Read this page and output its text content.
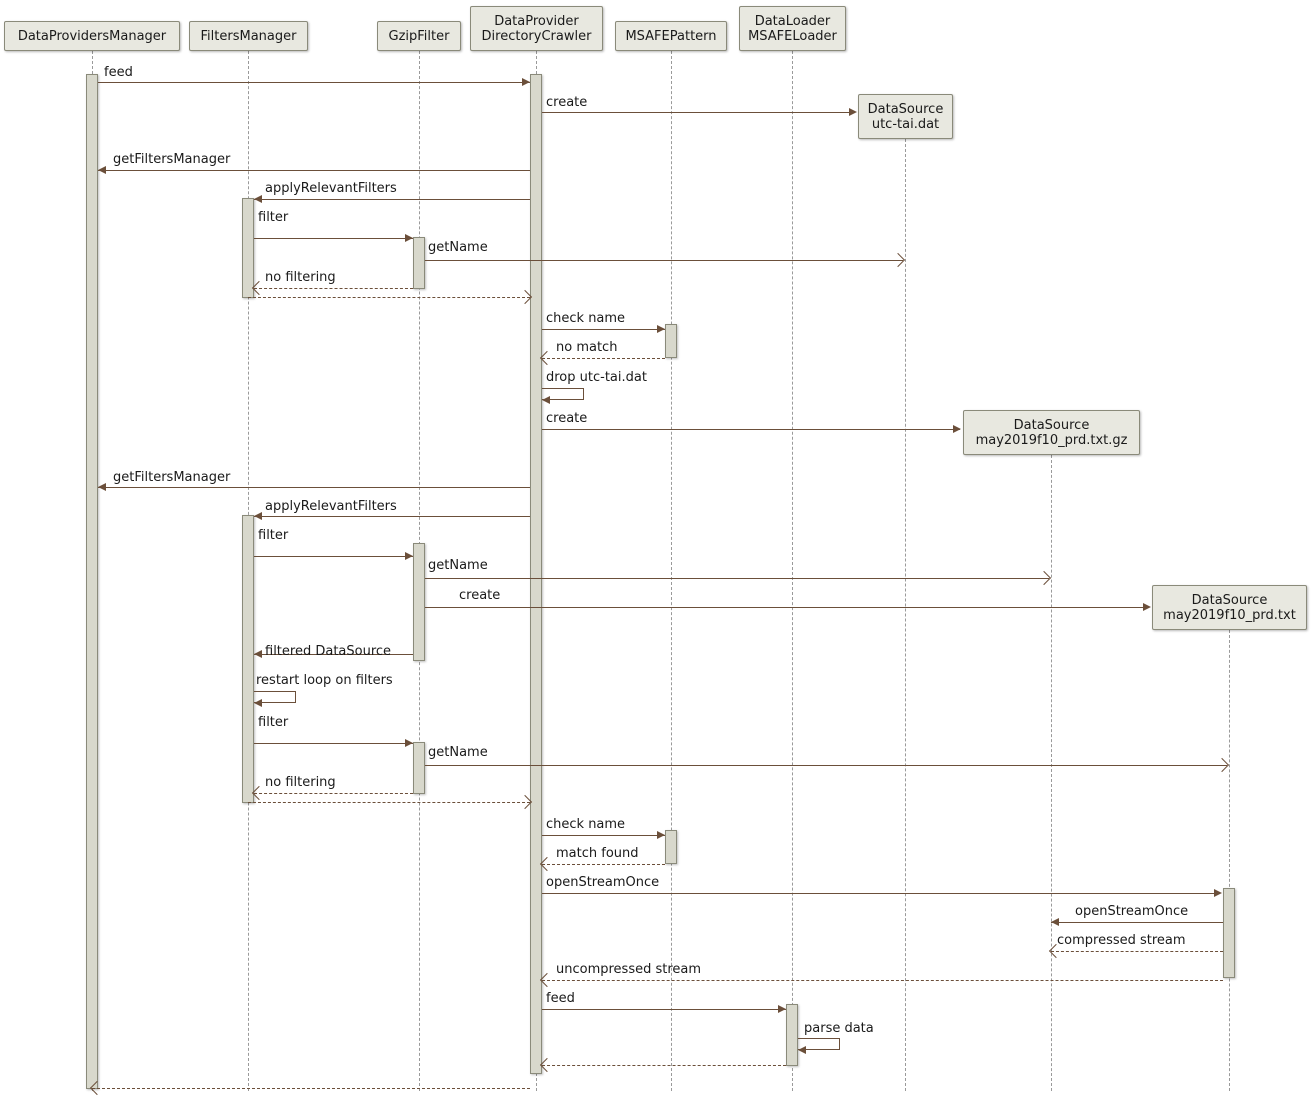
DataProvidersManager	FiltersManager	GzipFilter
DataProvider
DirectoryCrawler	MSAFEPattern
DataLoader
MSAFELoader
DataSource
utc-tai.dat
DataSource
may2019f10_prd.txt.gz
DataSource
may2019f10_prd.txt
feed
create
getFiltersManager
applyRelevantFilters
filter
getName
no filtering
check name
no match
drop utc-tai.dat
create
getFiltersManager
applyRelevantFilters
filter
getName
create
filtered DataSource
restart loop on filters
filter
getName
no filtering
check name
match found
openStreamOnce
openStreamOnce
compressed stream
uncompressed stream
feed
parse data
